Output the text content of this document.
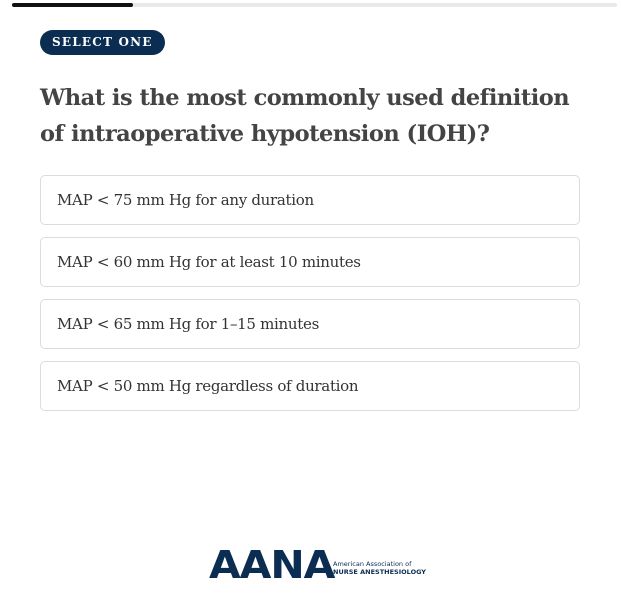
SELECT ONE
What is the most commonly used definition of intraoperative hypotension (IOH)?
MAP < 75 mm Hg for any duration
MAP < 60 mm Hg for at least 10 minutes
MAP < 65 mm Hg for 1–15 minutes
MAP < 50 mm Hg regardless of duration
AANA
American Association of
NURSE ANESTHESIOLOGY
